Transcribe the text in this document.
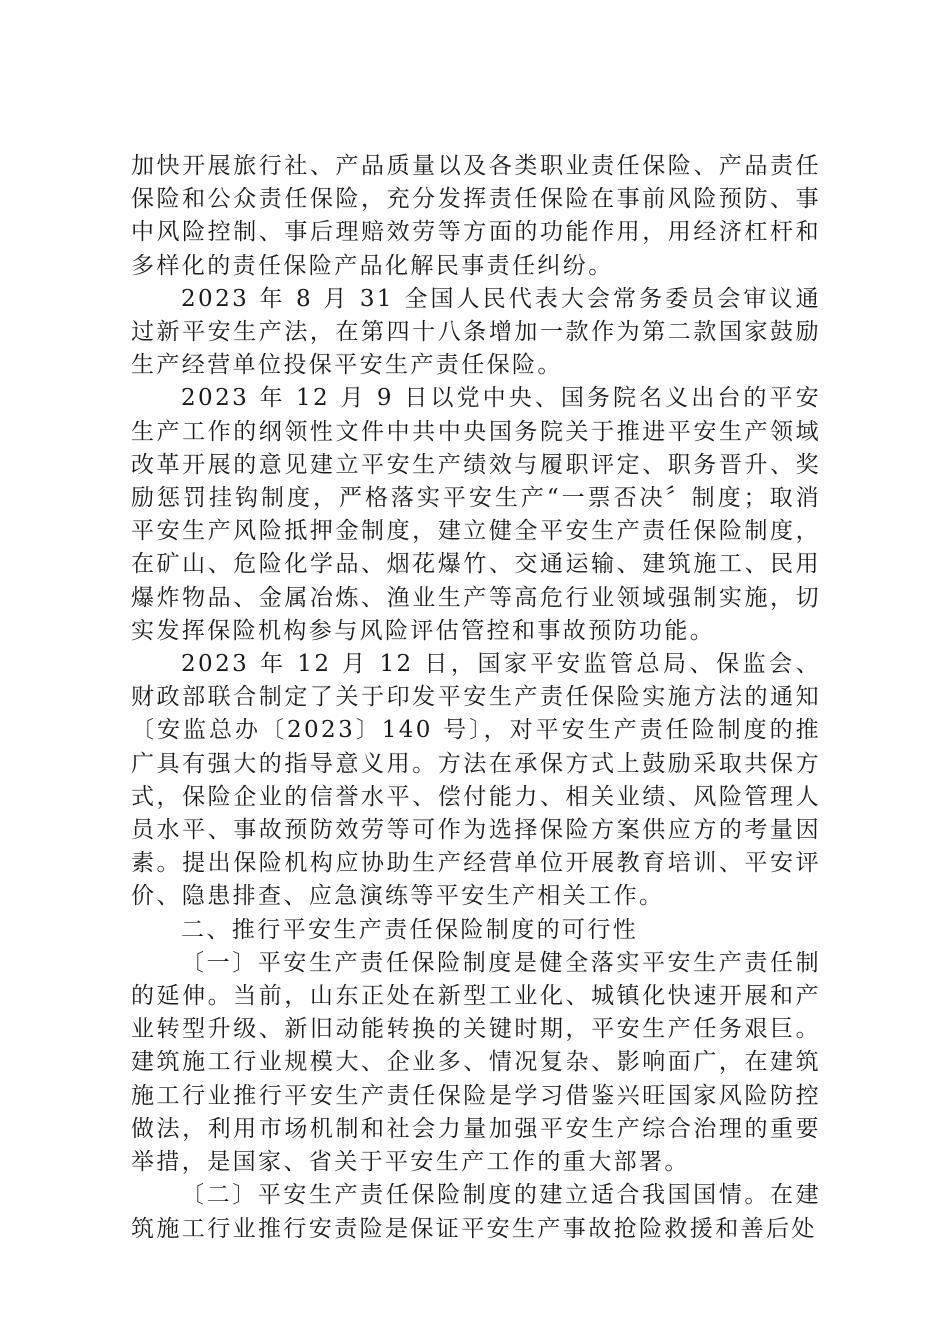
加快开展旅行社、产品质量以及各类职业责任保险、产品责任保险和公众责任保险，充分发挥责任保险在事前风险预防、事中风险控制、事后理赔效劳等方面的功能作用，用经济杠杆和多样化的责任保险产品化解民事责任纠纷。

2023 年 8 月 31 全国人民代表大会常务委员会审议通过新平安生产法，在第四十八条增加一款作为第二款国家鼓励生产经营单位投保平安生产责任保险。

2023 年 12 月 9 日以党中央、国务院名义出台的平安生产工作的纲领性文件中共中央国务院关于推进平安生产领域改革开展的意见建立平安生产绩效与履职评定、职务晋升、奖励惩罚挂钩制度，严格落实平安生产“一票否决〞制度；取消平安生产风险抵押金制度，建立健全平安生产责任保险制度，在矿山、危险化学品、烟花爆竹、交通运输、建筑施工、民用爆炸物品、金属冶炼、渔业生产等高危行业领域强制实施，切实发挥保险机构参与风险评估管控和事故预防功能。

2023 年 12 月 12 日，国家平安监管总局、保监会、财政部联合制定了关于印发平安生产责任保险实施方法的通知〔安监总办〔2023〕140 号〕，对平安生产责任险制度的推广具有强大的指导意义用。方法在承保方式上鼓励采取共保方式，保险企业的信誉水平、偿付能力、相关业绩、风险管理人员水平、事故预防效劳等可作为选择保险方案供应方的考量因素。提出保险机构应协助生产经营单位开展教育培训、平安评价、隐患排查、应急演练等平安生产相关工作。

二、推行平安生产责任保险制度的可行性

〔一〕平安生产责任保险制度是健全落实平安生产责任制的延伸。当前，山东正处在新型工业化、城镇化快速开展和产业转型升级、新旧动能转换的关键时期，平安生产任务艰巨。建筑施工行业规模大、企业多、情况复杂、影响面广，在建筑施工行业推行平安生产责任保险是学习借鉴兴旺国家风险防控做法，利用市场机制和社会力量加强平安生产综合治理的重要举措，是国家、省关于平安生产工作的重大部署。

〔二〕平安生产责任保险制度的建立适合我国国情。在建筑施工行业推行安责险是保证平安生产事故抢险救援和善后处
